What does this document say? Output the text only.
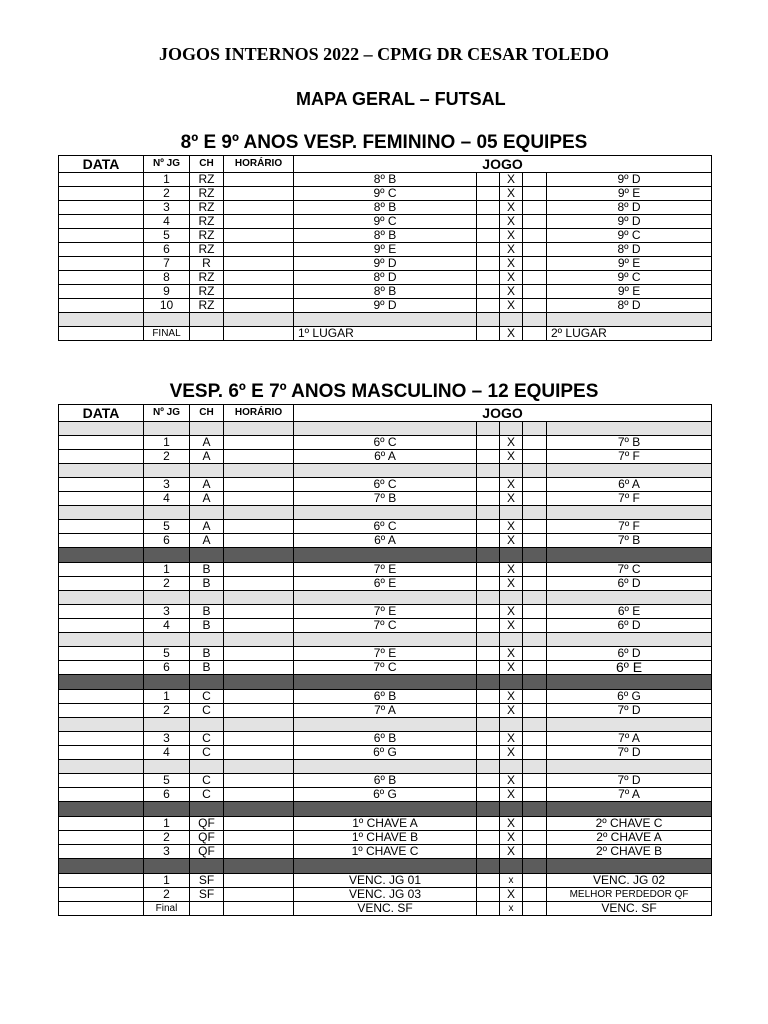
JOGOS INTERNOS 2022 – CPMG DR CESAR TOLEDO
MAPA GERAL – FUTSAL
8º E 9º ANOS VESP. FEMININO – 05 EQUIPES
DATA	Nº JG	CH	HORÁRIO	JOGO				
	1	RZ		8º B		X		9º D
	2	RZ		9º C		X		9º E
	3	RZ		8º B		X		8º D
	4	RZ		9º C		X		9º D
	5	RZ		8º B		X		9º C
	6	RZ		9º E		X		8º D
	7	R		9º D		X		9º E
	8	RZ		8º D		X		9º C
	9	RZ		8º B		X		9º E
	10	RZ		9º D		X		8º D

	FINAL			1º LUGAR		X		2º LUGAR
VESP. 6º E 7º ANOS MASCULINO – 12 EQUIPES
DATA	Nº JG	CH	HORÁRIO	JOGO				

	1	A		6º C		X		7º B
	2	A		6º A		X		7º F

	3	A		6º C		X		6º A
	4	A		7º B		X		7º F

	5	A		6º C		X		7º F
	6	A		6º A		X		7º B

	1	B		7º E		X		7º C
	2	B		6º E		X		6º D

	3	B		7º E		X		6º E
	4	B		7º C		X		6º D

	5	B		7º E		X		6º D
	6	B		7º C		X		6º E

	1	C		6º B		X		6º G
	2	C		7º A		X		7º D

	3	C		6º B		X		7º A
	4	C		6º G		X		7º D

	5	C		6º B		X		7º D
	6	C		6º G		X		7º A

	1	QF		1º CHAVE A		X		2º CHAVE C
	2	QF		1º CHAVE B		X		2º CHAVE A
	3	QF		1º CHAVE C		X		2º CHAVE B

	1	SF		VENC. JG 01		x		VENC. JG 02
	2	SF		VENC. JG 03		X		MELHOR PERDEDOR QF
	Final			VENC. SF		x		VENC. SF
